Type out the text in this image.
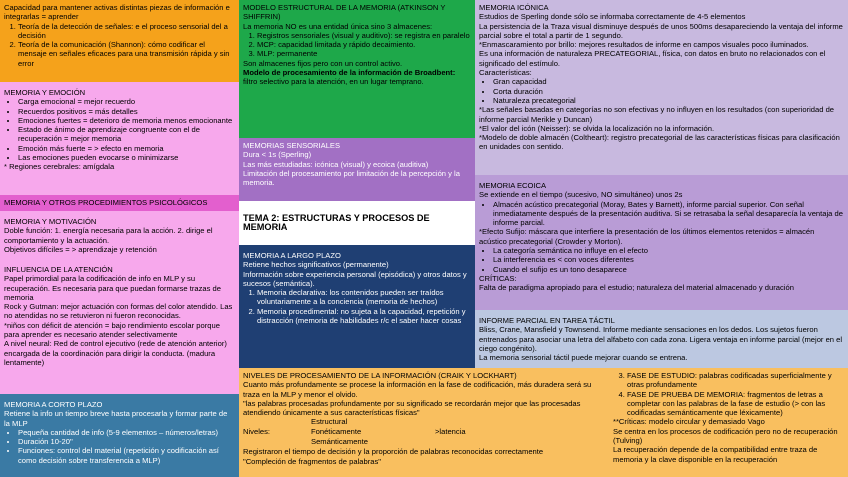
Capacidad para mantener activas distintas piezas de información e integrarlas = aprender

1. Teoría de la detección de señales: e el proceso sensorial del a decisión
2. Teoría de la comunicación (Shannon): cómo codificar el mensaje en señales eficaces para una transmisión rápida y sin error

MEMORIA Y EMOCIÓN

• Carga emocional = mejor recuerdo
• Recuerdos positivos = más detalles
• Emociones fuertes = deterioro de memoria menos emocionante
• Estado de ánimo de aprendizaje congruente con el de recuperación = mejor memoria
• Emoción más fuerte = > efecto en memoria
• Las emociones pueden evocarse o minimizarse

* Regiones cerebrales: amígdala

MEMORIA Y OTROS PROCEDIMIENTOS PSICOLÓGICOS

MEMORIA Y MOTIVACIÓN

Doble función: 1. energía necesaria para la acción. 2. dirige el comportamiento y la actuación.

Objetivos difíciles = > aprendizaje y retención

INFLUENCIA DE LA ATENCIÓN

Papel primordial para la codificación de info en MLP y su recuperación. Es necesaria para que puedan formarse trazas de memoria

Rock y Gutman: mejor actuación con formas del color atendido. Las no atendidas no se retuvieron ni fueron reconocidas.

*niños con déficit de atención = bajo rendimiento escolar porque para aprender es necesario atender selectivamente

A nivel neural: Red de control ejecutivo (rede de atención anterior) encargada de la coordinación para dirigir la conducta. (madura lentamente)

MEMORIA A CORTO PLAZO

Retiene la info un tiempo breve hasta procesarla y formar parte de la MLP

• Pequeña cantidad de info (5-9 elementos – números/letras)
• Duración 10-20''
• Funciones: control del material (repetición y codificación así como decisión sobre transferencia a MLP)

MODELO ESTRUCTURAL DE LA MEMORIA (ATKINSON Y SHIFFRIN)

La memoria NO es una entidad única sino 3 almacenes:

1. Registros sensoriales (visual y auditivo): se registra en paralelo
2. MCP: capacidad limitada y rápido decaimiento.
3. MLP: permanente

Son almacenes fijos pero con un control activo.

Modelo de procesamiento de la información de Broadbent: filtro selectivo para la atención, en un lugar temprano.

MEMORIAS SENSORIALES

Dura < 1s (Sperling)

Las más estudiadas: icónica (visual) y ecoica (auditiva)

Limitación del procesamiento por limitación de la percepción y la memoria.

TEMA 2: ESTRUCTURAS Y PROCESOS DE MEMORIA

MEMORIA A LARGO PLAZO

Retiene hechos significativos (permanente)

Información sobre experiencia personal (episódica) y otros datos y sucesos (semántica).

1. Memoria declarativa: los contenidos pueden ser traídos voluntariamente a la conciencia (memoria de hechos)
2. Memoria procedimental: no sujeta a la capacidad, repetición y distracción (memoria de habilidades r/c el saber hacer cosas

NIVELES DE PROCESAMIENTO DE LA INFORMACIÓN (CRAIK Y LOCKHART)

Cuanto más profundamente se procese la información en la fase de codificación, más duradera será su traza en la MLP y menor el olvido.

"las palabras procesadas profundamente por su significado se recordarán mejor que las procesadas atendiendo únicamente a sus características físicas"

Niveles:
Estructural
Fonéticamente
Semánticamente
>latencia

Registraron el tiempo de decisión y la proporción de palabras reconocidas correctamente

"Compleción de fragmentos de palabras"

3. FASE DE ESTUDIO: palabras codificadas superficialmente y otras profundamente
4. FASE DE PRUEBA DE MEMORIA: fragmentos de letras a completar con las palabras de la fase de estudio (> con las codificadas semánticamente que léxicamente)

**Críticas: modelo circular y demasiado Vago

Se centra en los procesos de codificación pero no de recuperación (Tulving)

La recuperación depende de la compatibilidad entre traza de memoria y la clave disponible en la recuperación

MEMORIA ICÓNICA

Estudios de Sperling donde sólo se informaba correctamente de 4-5 elementos

La persistencia de la Traza visual disminuye después de unos 500ms desapareciendo la ventaja del informe parcial sobre el total a partir de 1 segundo.

*Enmascaramiento por brillo: mejores resultados de informe en campos visuales poco iluminados.

Es una información de naturaleza PRECATEGORIAL, física, con datos en bruto no relacionados con el significado del estímulo.

Características:

• Gran capacidad
• Corta duración
• Naturaleza precategorial

*Las señales basadas en categorías no son efectivas y no influyen en los resultados (con superioridad de informe parcial Merikle y Duncan)

*El valor del icón (Neisser): se olvida la localización no la información.

*Modelo de doble almacén (Coltheart): registro precategorial de las características físicas para clasificación en unidades con sentido.

MEMORIA ECOICA

Se extiende en el tiempo (sucesivo, NO simultáneo) unos 2s

• Almacén acústico precategorial (Moray, Bates y Barnett), informe parcial superior. Con señal inmediatamente después de la presentación auditiva. Si se retrasaba la señal desaparecía la ventaja de informe parcial.

*Efecto Sufijo: máscara que interfiere la presentación de los últimos elementos retenidos = almacén acústico precategorial (Crowder y Morton).

• La categoría semántica no influye en el efecto
• La interferencia es < con voces diferentes
• Cuando el sufijo es un tono desaparece

CRÍTICAS:

Falta de paradigma apropiado para el estudio; naturaleza del material almacenado y duración

INFORME PARCIAL EN TAREA TÁCTIL

Bliss, Crane, Mansfield y Townsend. Informe mediante sensaciones en los dedos. Los sujetos fueron entrenados para asociar una letra del alfabeto con cada zona. Ligera ventaja en informe parcial (mejor en el ciego congénito).

La memoria sensorial táctil puede mejorar cuando se entrena.
